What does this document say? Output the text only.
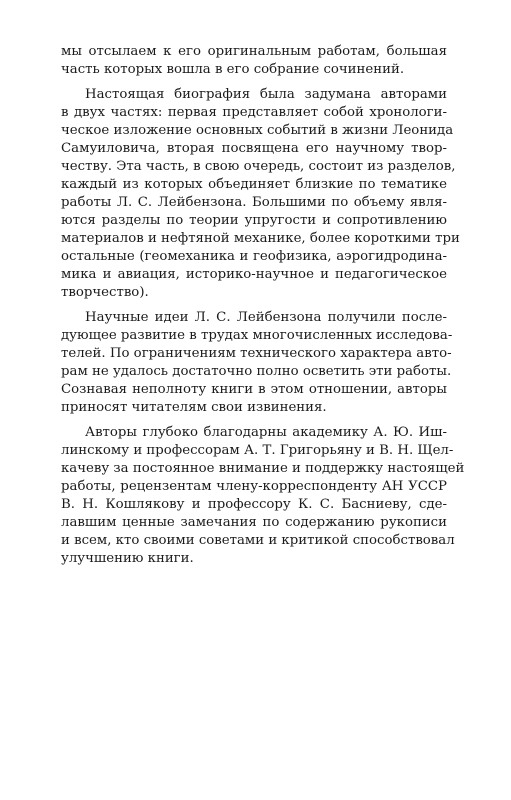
мы отсылаем к его оригинальным работам, большая
часть которых вошла в его собрание сочинений.

Настоящая биография была задумана авторами
в двух частях: первая представляет собой хронологи-
ческое изложение основных событий в жизни Леонида
Самуиловича, вторая посвящена его научному твор-
честву. Эта часть, в свою очередь, состоит из разделов,
каждый из которых объединяет близкие по тематике
работы Л. С. Лейбензона. Большими по объему явля-
ются разделы по теории упругости и сопротивлению
материалов и нефтяной механике, более короткими три
остальные (геомеханика и геофизика, аэрогидродина-
мика и авиация, историко-научное и педагогическое
творчество).

Научные идеи Л. С. Лейбензона получили после-
дующее развитие в трудах многочисленных исследова-
телей. По ограничениям технического характера авто-
рам не удалось достаточно полно осветить эти работы.
Сознавая неполноту книги в этом отношении, авторы
приносят читателям свои извинения.

Авторы глубоко благодарны академику А. Ю. Иш-
линскому и профессорам А. Т. Григорьяну и В. Н. Щел-
качеву за постоянное внимание и поддержку настоящей
работы, рецензентам члену-корреспонденту АН УССР
В. Н. Кошлякову и профессору К. С. Басниеву, сде-
лавшим ценные замечания по содержанию рукописи
и всем, кто своими советами и критикой способствовал
улучшению книги.
